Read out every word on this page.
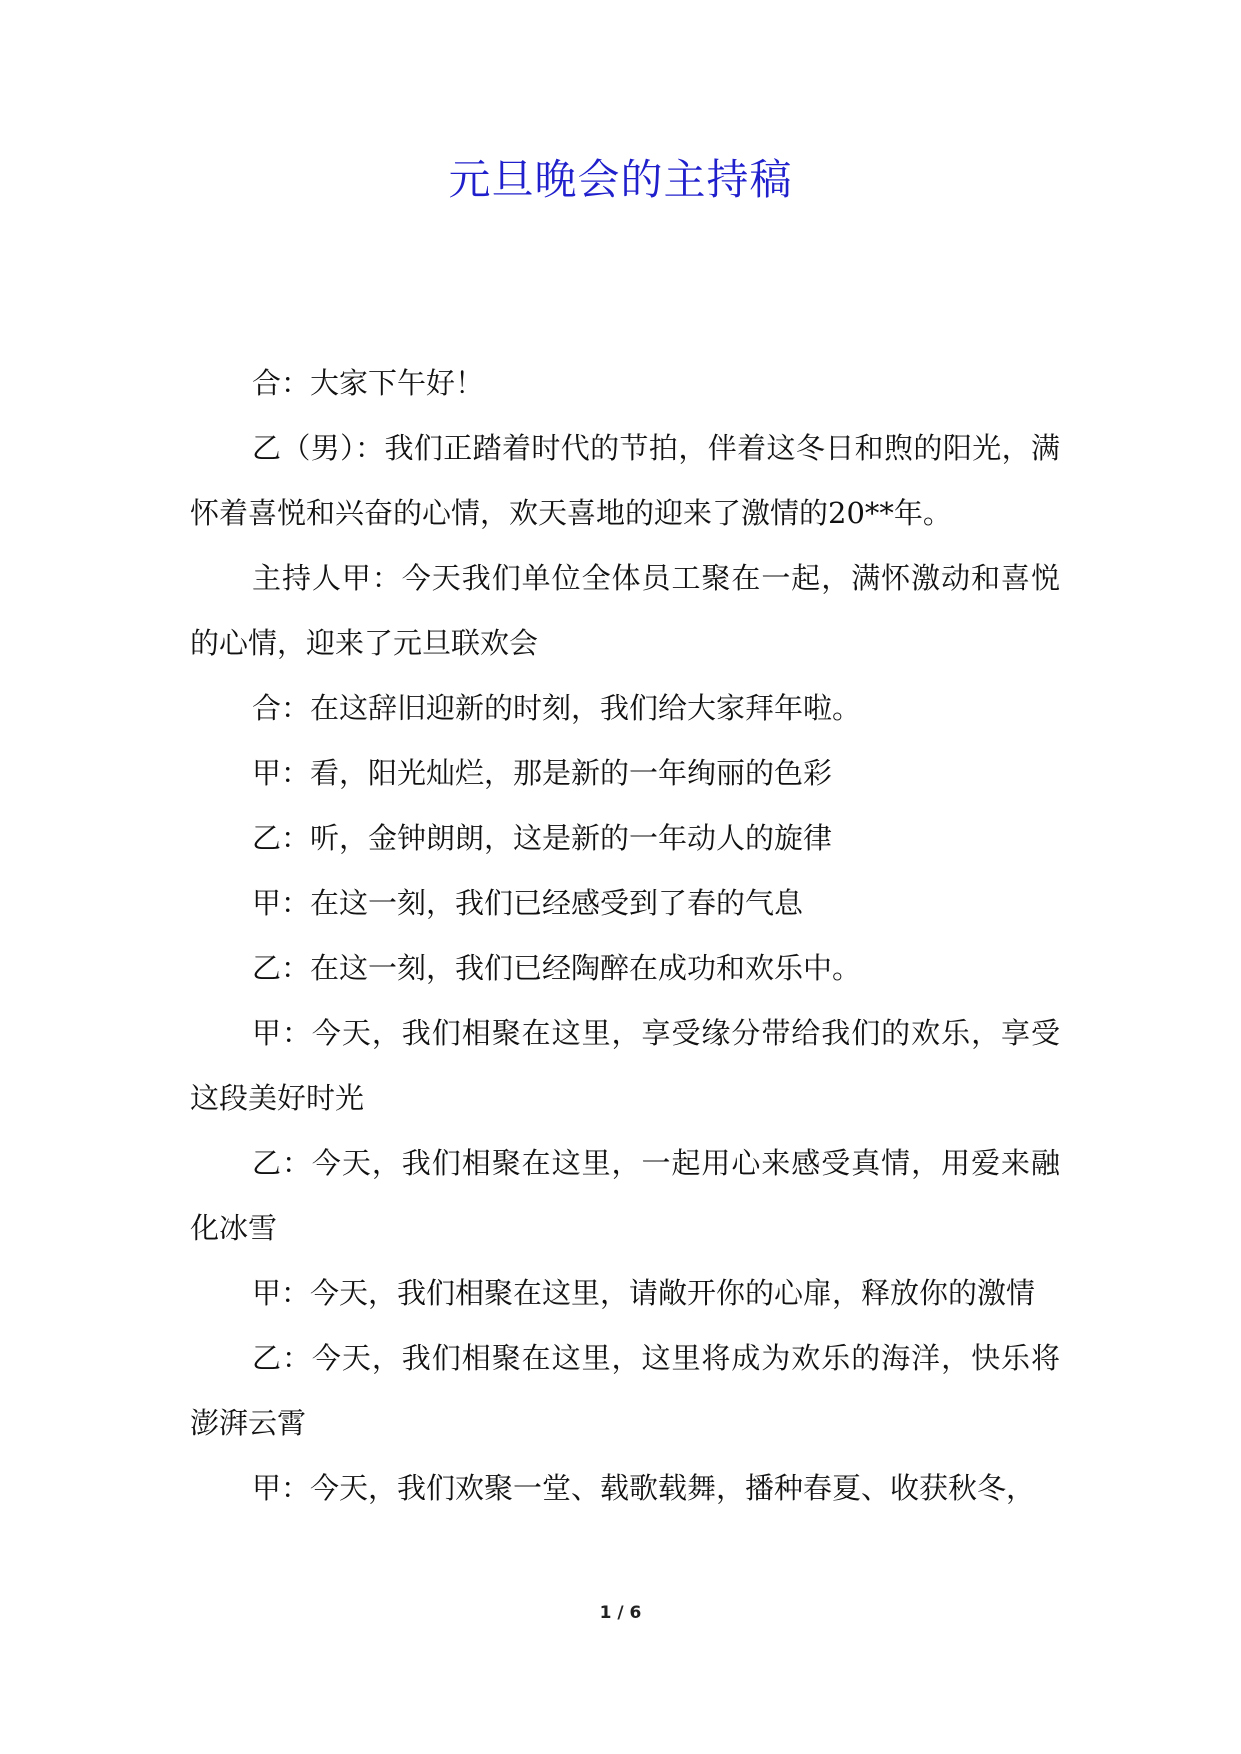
元旦晚会的主持稿

合：大家下午好！

乙（男）：我们正踏着时代的节拍，伴着这冬日和煦的阳光，满怀着喜悦和兴奋的心情，欢天喜地的迎来了激情的20**年。

主持人甲：今天我们单位全体员工聚在一起，满怀激动和喜悦的心情，迎来了元旦联欢会

合：在这辞旧迎新的时刻，我们给大家拜年啦。

甲：看，阳光灿烂，那是新的一年绚丽的色彩

乙：听，金钟朗朗，这是新的一年动人的旋律

甲：在这一刻，我们已经感受到了春的气息

乙：在这一刻，我们已经陶醉在成功和欢乐中。

甲：今天，我们相聚在这里，享受缘分带给我们的欢乐，享受这段美好时光

乙：今天，我们相聚在这里，一起用心来感受真情，用爱来融化冰雪

甲：今天，我们相聚在这里，请敞开你的心扉，释放你的激情

乙：今天，我们相聚在这里，这里将成为欢乐的海洋，快乐将澎湃云霄

甲：今天，我们欢聚一堂、载歌载舞，播种春夏、收获秋冬，

1 / 6
